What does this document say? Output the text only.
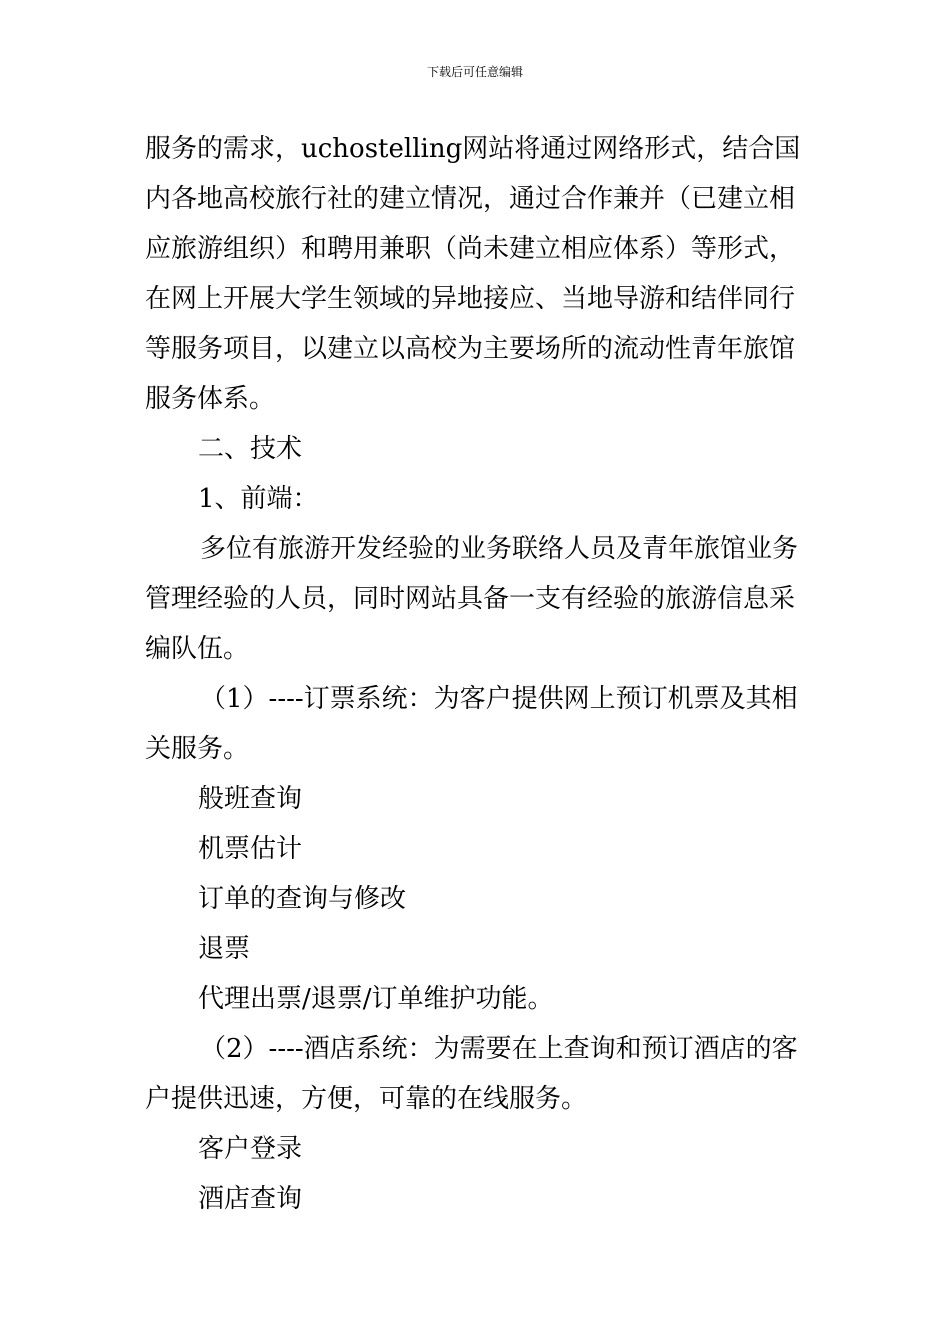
下载后可任意编辑
服务的需求，uchostelling网站将通过网络形式，结合国
内各地高校旅行社的建立情况，通过合作兼并（已建立相
应旅游组织）和聘用兼职（尚未建立相应体系）等形式，
在网上开展大学生领域的异地接应、当地导游和结伴同行
等服务项目，以建立以高校为主要场所的流动性青年旅馆
服务体系。
二、技术
1、前端：
多位有旅游开发经验的业务联络人员及青年旅馆业务
管理经验的人员，同时网站具备一支有经验的旅游信息采
编队伍。
（1）----订票系统：为客户提供网上预订机票及其相
关服务。
般班查询
机票估计
订单的查询与修改
退票
代理出票/退票/订单维护功能。
（2）----酒店系统：为需要在上查询和预订酒店的客
户提供迅速，方便，可靠的在线服务。
客户登录
酒店查询
